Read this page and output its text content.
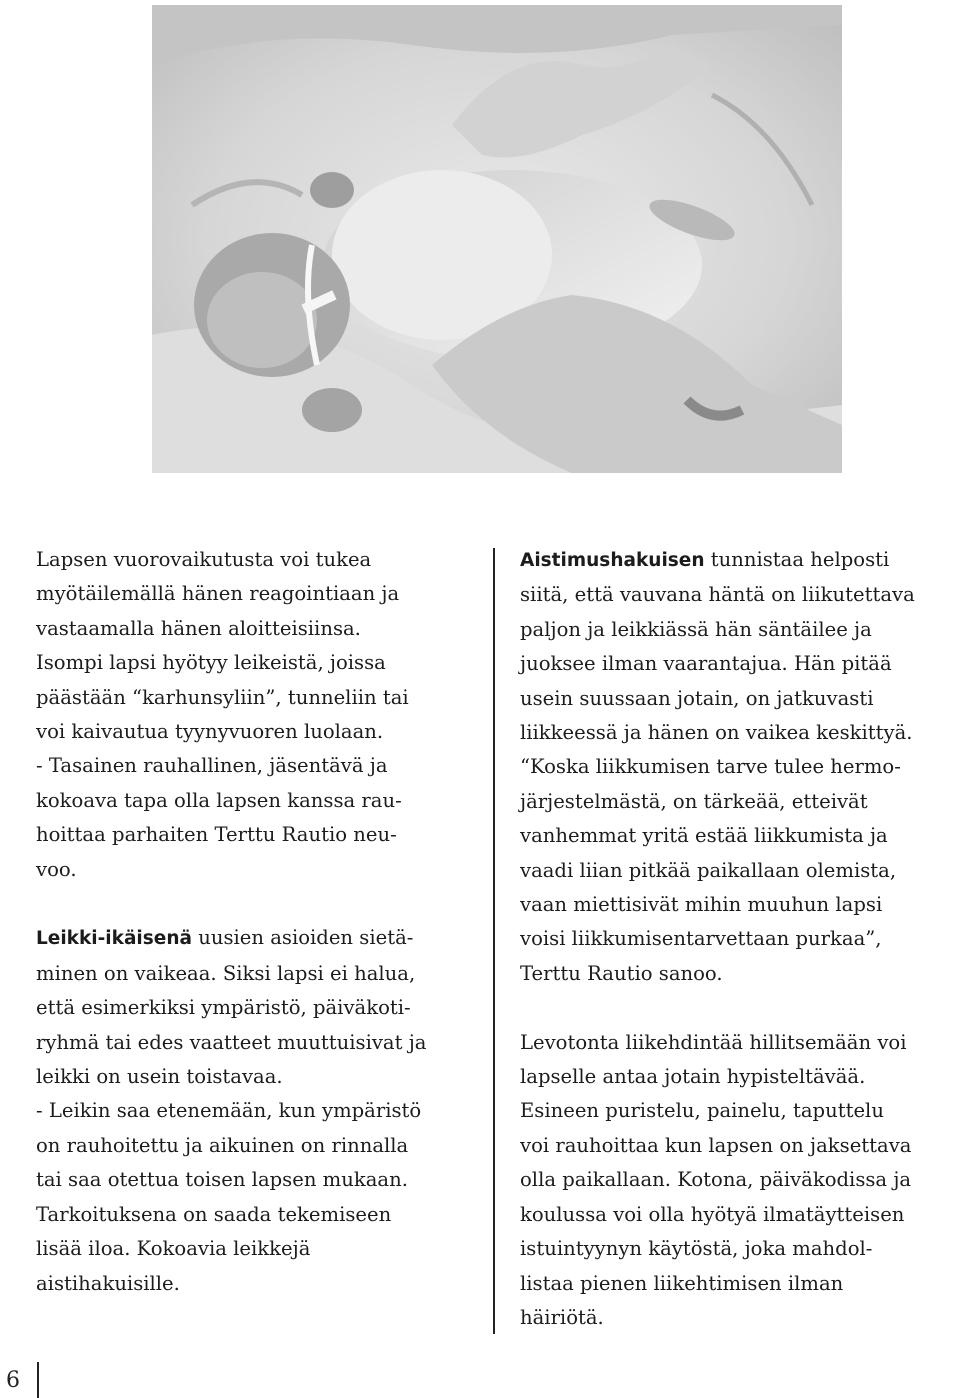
Lapsen vuorovaikutusta voi tukea
myötäilemällä hänen reagointiaan ja
vastaamalla hänen aloitteisiinsa.
Isompi lapsi hyötyy leikeistä, joissa
päästään “karhunsyliin”, tunneliin tai
voi kaivautua tyynyvuoren luolaan.
- Tasainen rauhallinen, jäsentävä ja
kokoava tapa olla lapsen kanssa rau-
hoittaa parhaiten Terttu Rautio neu-
voo.

Leikki-ikäisenä uusien asioiden sietä-
minen on vaikeaa. Siksi lapsi ei halua,
että esimerkiksi ympäristö, päiväkoti-
ryhmä tai edes vaatteet muuttuisivat ja
leikki on usein toistavaa.
- Leikin saa etenemään, kun ympäristö
on rauhoitettu ja aikuinen on rinnalla
tai saa otettua toisen lapsen mukaan.
Tarkoituksena on saada tekemiseen
lisää iloa. Kokoavia leikkejä
aistihakuisille.

Aistimushakuisen tunnistaa helposti
siitä, että vauvana häntä on liikutettava
paljon ja leikkiässä hän säntäilee ja
juoksee ilman vaarantajua. Hän pitää
usein suussaan jotain, on jatkuvasti
liikkeessä ja hänen on vaikea keskittyä.
“Koska liikkumisen tarve tulee hermo-
järjestelmästä, on tärkeää, etteivät
vanhemmat yritä estää liikkumista ja
vaadi liian pitkää paikallaan olemista,
vaan miettisivät mihin muuhun lapsi
voisi liikkumisentarvettaan purkaa”,
Terttu Rautio sanoo.

Levotonta liikehdintää hillitsemään voi
lapselle antaa jotain hypisteltävää.
Esineen puristelu, painelu, taputtelu
voi rauhoittaa kun lapsen on jaksettava
olla paikallaan. Kotona, päiväkodissa ja
koulussa voi olla hyötyä ilmatäytteisen
istuintyynyn käytöstä, joka mahdol-
listaa pienen liikehtimisen ilman
häiriötä.

6
